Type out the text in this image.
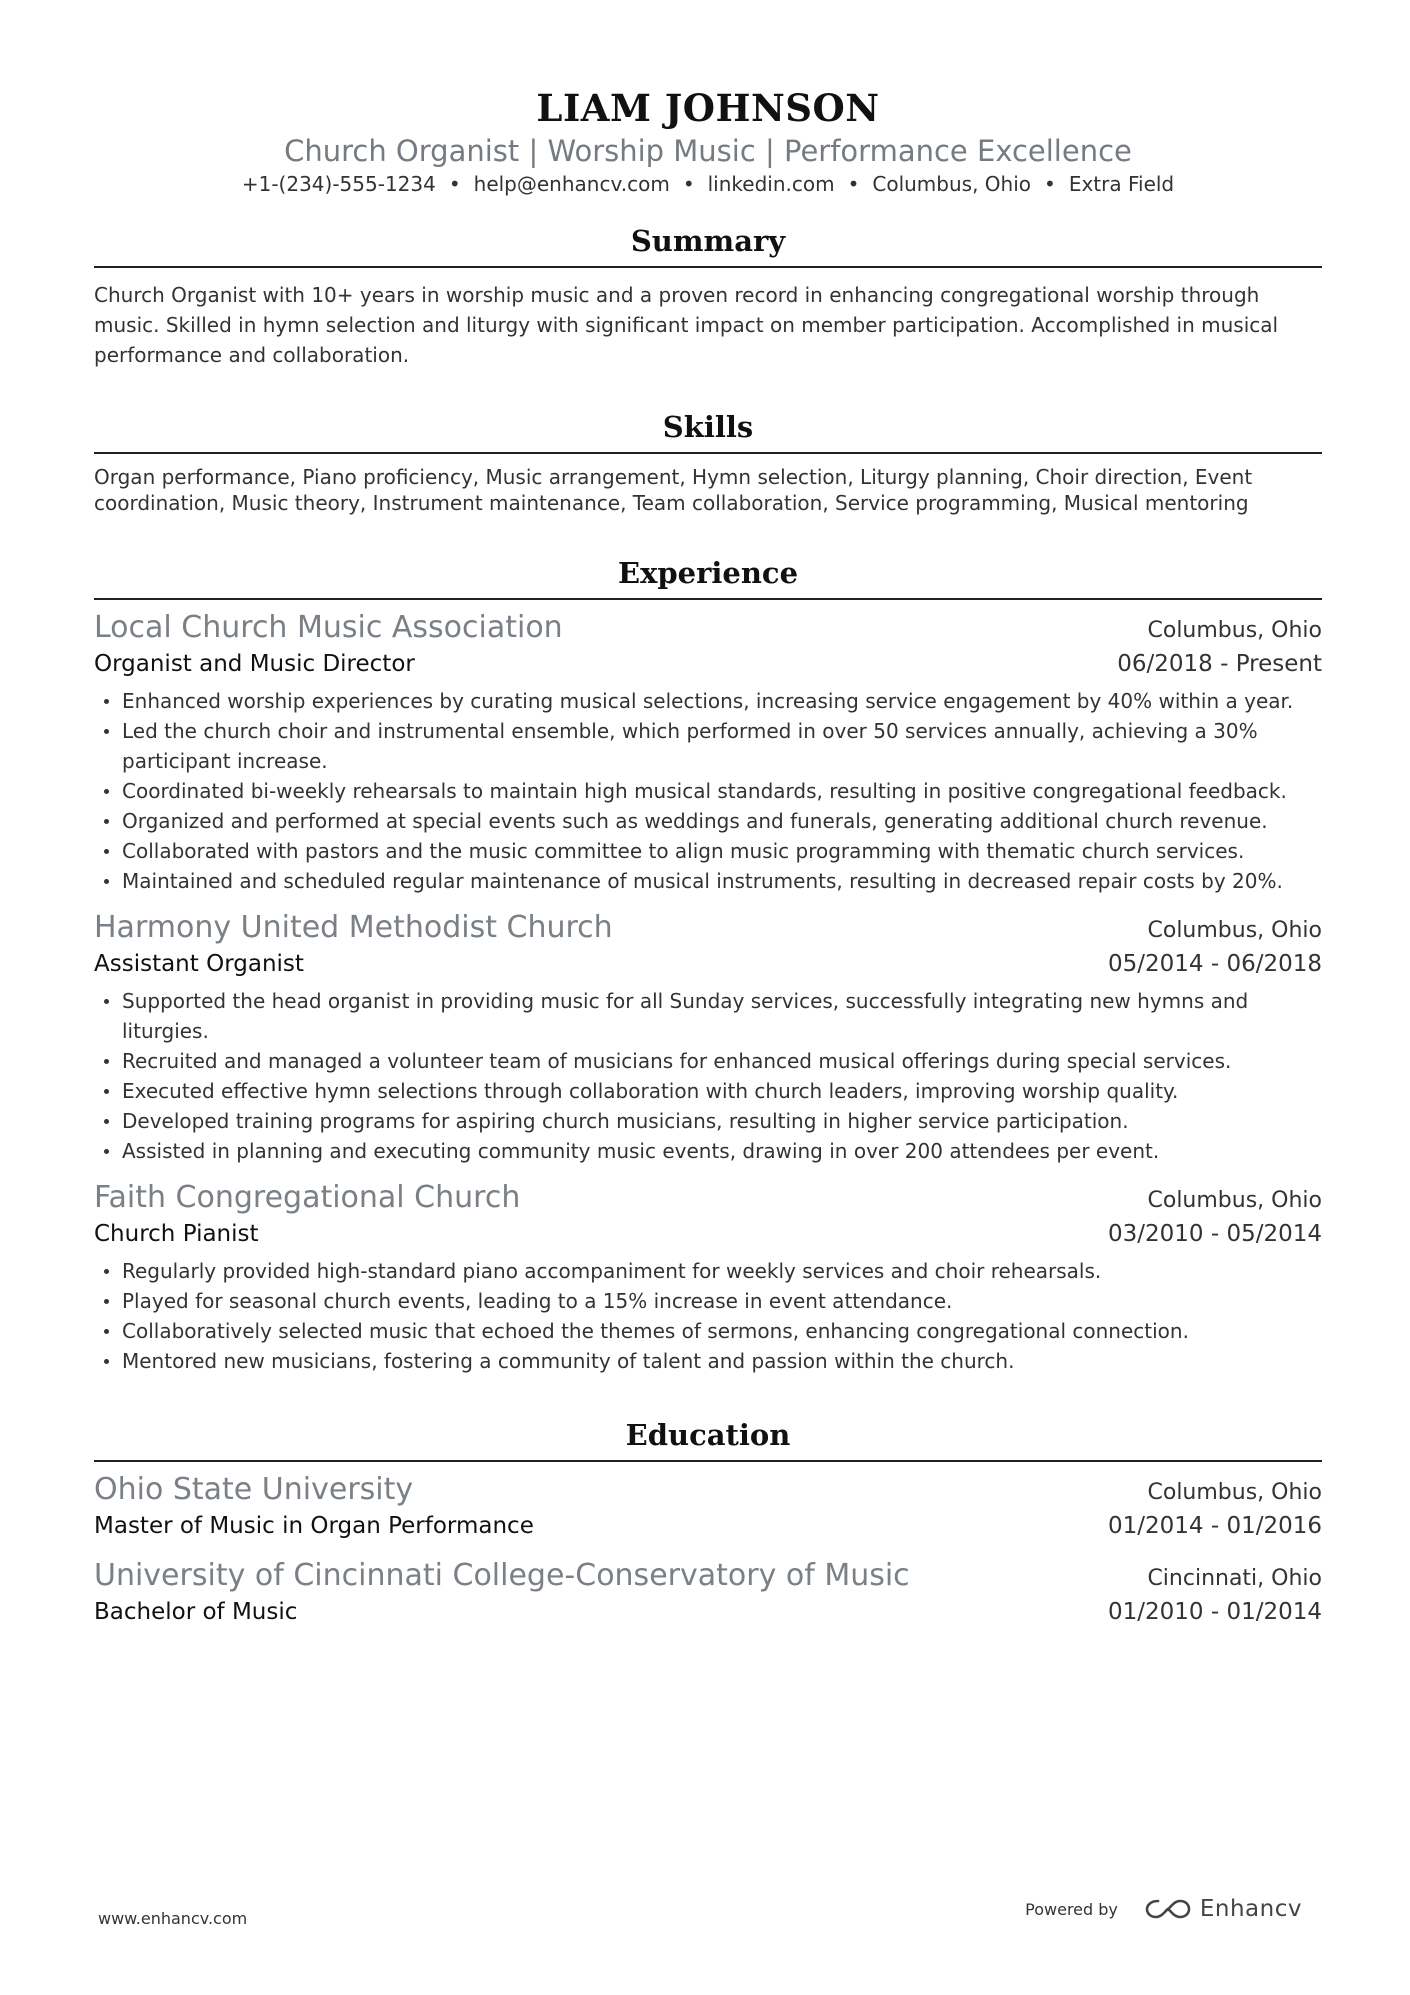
LIAM JOHNSON
Church Organist | Worship Music | Performance Excellence
+1-(234)-555-1234 • help@enhancv.com • linkedin.com • Columbus, Ohio • Extra Field
Summary
Church Organist with 10+ years in worship music and a proven record in enhancing congregational worship through music. Skilled in hymn selection and liturgy with significant impact on member participation. Accomplished in musical performance and collaboration.
Skills
Organ performance, Piano proficiency, Music arrangement, Hymn selection, Liturgy planning, Choir direction, Event coordination, Music theory, Instrument maintenance, Team collaboration, Service programming, Musical mentoring
Experience
Local Church Music Association	Columbus, Ohio
Organist and Music Director	06/2018 - Present
Enhanced worship experiences by curating musical selections, increasing service engagement by 40% within a year.
Led the church choir and instrumental ensemble, which performed in over 50 services annually, achieving a 30% participant increase.
Coordinated bi-weekly rehearsals to maintain high musical standards, resulting in positive congregational feedback.
Organized and performed at special events such as weddings and funerals, generating additional church revenue.
Collaborated with pastors and the music committee to align music programming with thematic church services.
Maintained and scheduled regular maintenance of musical instruments, resulting in decreased repair costs by 20%.
Harmony United Methodist Church	Columbus, Ohio
Assistant Organist	05/2014 - 06/2018
Supported the head organist in providing music for all Sunday services, successfully integrating new hymns and liturgies.
Recruited and managed a volunteer team of musicians for enhanced musical offerings during special services.
Executed effective hymn selections through collaboration with church leaders, improving worship quality.
Developed training programs for aspiring church musicians, resulting in higher service participation.
Assisted in planning and executing community music events, drawing in over 200 attendees per event.
Faith Congregational Church	Columbus, Ohio
Church Pianist	03/2010 - 05/2014
Regularly provided high-standard piano accompaniment for weekly services and choir rehearsals.
Played for seasonal church events, leading to a 15% increase in event attendance.
Collaboratively selected music that echoed the themes of sermons, enhancing congregational connection.
Mentored new musicians, fostering a community of talent and passion within the church.
Education
Ohio State University	Columbus, Ohio
Master of Music in Organ Performance	01/2014 - 01/2016
University of Cincinnati College-Conservatory of Music	Cincinnati, Ohio
Bachelor of Music	01/2010 - 01/2014
www.enhancv.com	Powered by	Enhancv
